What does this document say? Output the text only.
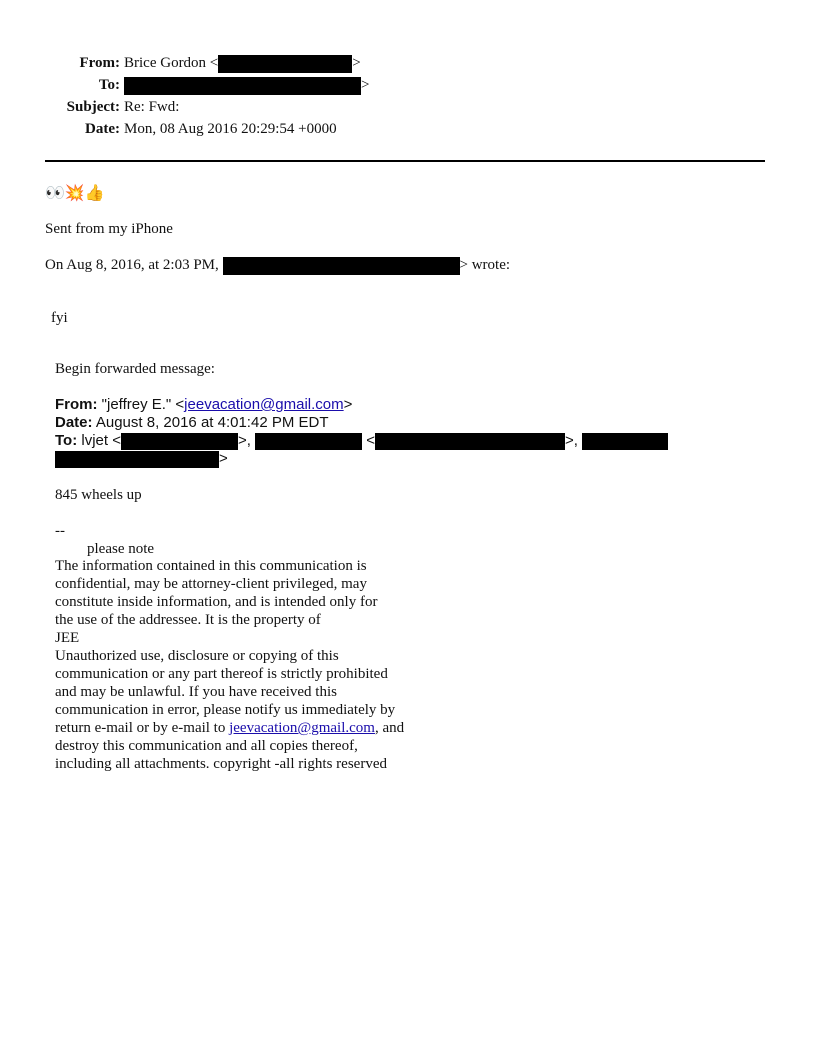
From: Brice Gordon <	>
To:	>
Subject: Re: Fwd:
Date: Mon, 08 Aug 2016 20:29:54 +0000
👀💥👍
Sent from my iPhone
On Aug 8, 2016, at 2:03 PM,	> wrote:
fyi
Begin forwarded message:
From: "jeffrey E." <jeevacation@gmail.com>
Date: August 8, 2016 at 4:01:42 PM EDT
To: lvjet <	>,	<	>,
>
845 wheels up
--
please note
The information contained in this communication is
confidential, may be attorney-client privileged, may
constitute inside information, and is intended only for
the use of the addressee. It is the property of
JEE
Unauthorized use, disclosure or copying of this
communication or any part thereof is strictly prohibited
and may be unlawful. If you have received this
communication in error, please notify us immediately by
return e-mail or by e-mail to jeevacation@gmail.com, and
destroy this communication and all copies thereof,
including all attachments. copyright -all rights reserved
